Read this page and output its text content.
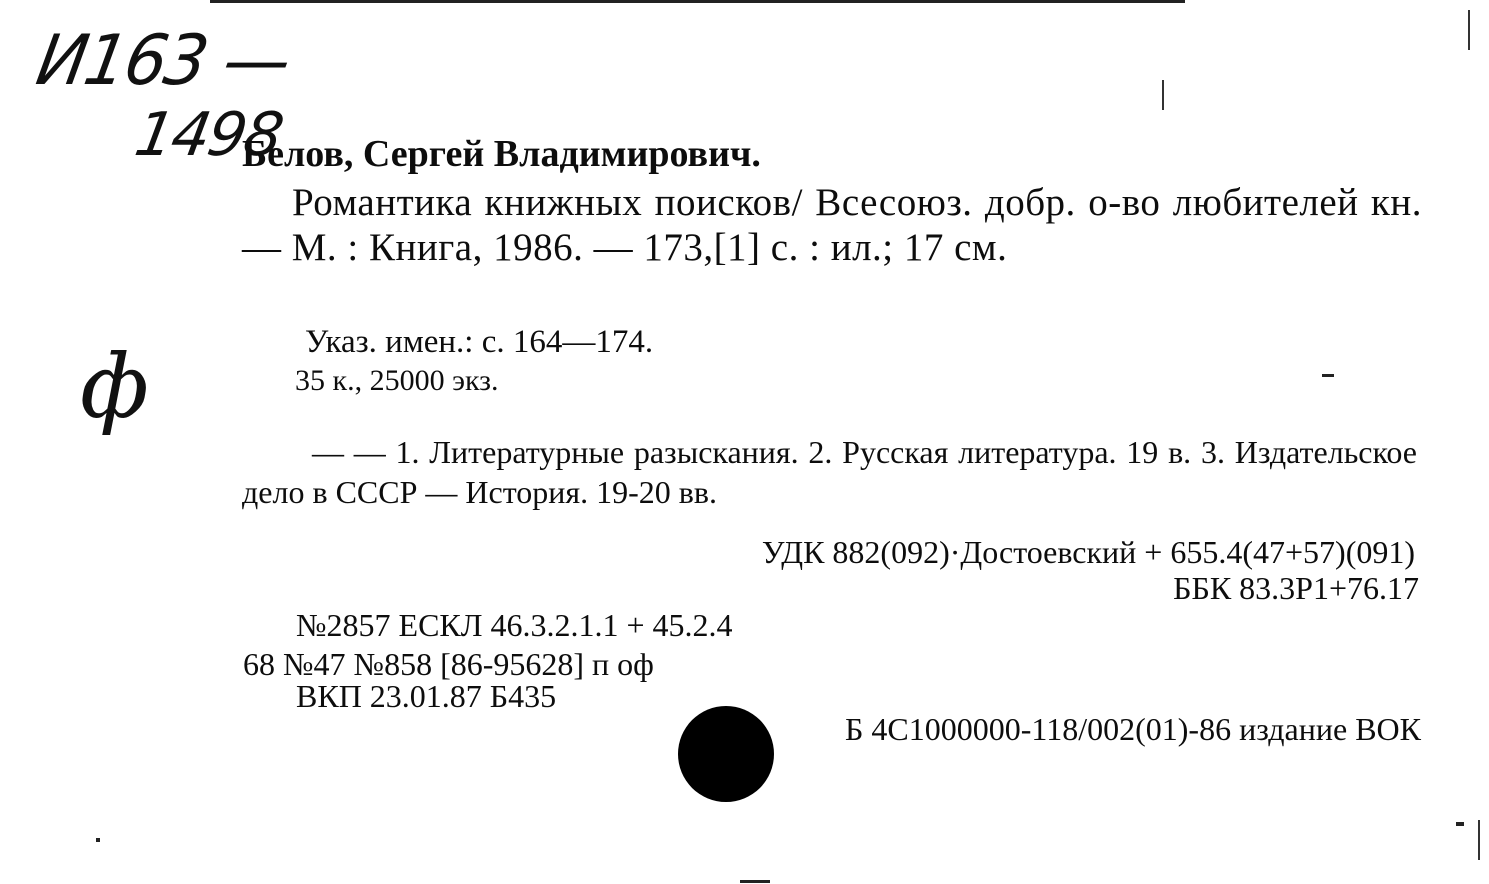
И163 —
1498
ф
Белов, Сергей Владимирович.
Романтика книжных поисков/ Всесоюз. добр. о-во любителей кн. — М. : Книга, 1986. — 173,[1] с. : ил.; 17 см.
Указ. имен.: с. 164—174.
35 к., 25000 экз.
— — 1. Литературные разыскания. 2. Русская литература. 19 в. 3. Издательское дело в СССР — История. 19-20 вв.
УДК 882(092)·Достоевский + 655.4(47+57)(091)
ББК 83.3Р1+76.17
№2857 ЕСКЛ 46.3.2.1.1 + 45.2.4
68 №47 №858 [86-95628] п оф
ВКП 23.01.87 Б435
Б 4С1000000-118/002(01)-86 издание ВОК
